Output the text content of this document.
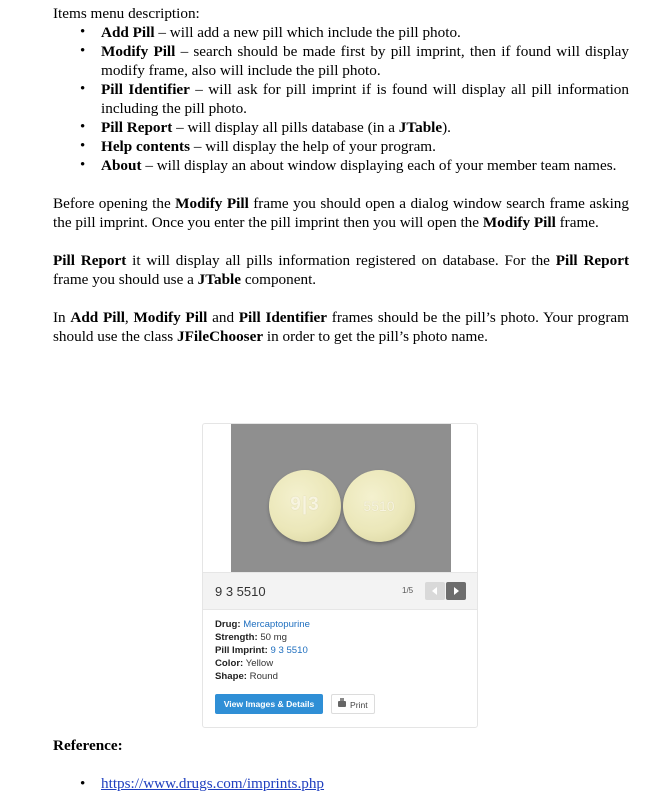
Items menu description:

• Add Pill – will add a new pill which include the pill photo.
• Modify Pill – search should be made first by pill imprint, then if found will display modify frame, also will include the pill photo.
• Pill Identifier – will ask for pill imprint if is found will display all pill information including the pill photo.
• Pill Report – will display all pills database (in a JTable).
• Help contents – will display the help of your program.
• About – will display an about window displaying each of your member team names.

Before opening the Modify Pill frame you should open a dialog window search frame asking the pill imprint. Once you enter the pill imprint then you will open the Modify Pill frame.

Pill Report it will display all pills information registered on database. For the Pill Report frame you should use a JTable component.

In Add Pill, Modify Pill and Pill Identifier frames should be the pill’s photo. Your program should use the class JFileChooser in order to get the pill’s photo name.

9|3	5510
9 3 5510	1/5
Drug: Mercaptopurine
Strength: 50 mg
Pill Imprint: 9 3 5510
Color: Yellow
Shape: Round
View Images & Details	Print
Reference:
• https://www.drugs.com/imprints.php
